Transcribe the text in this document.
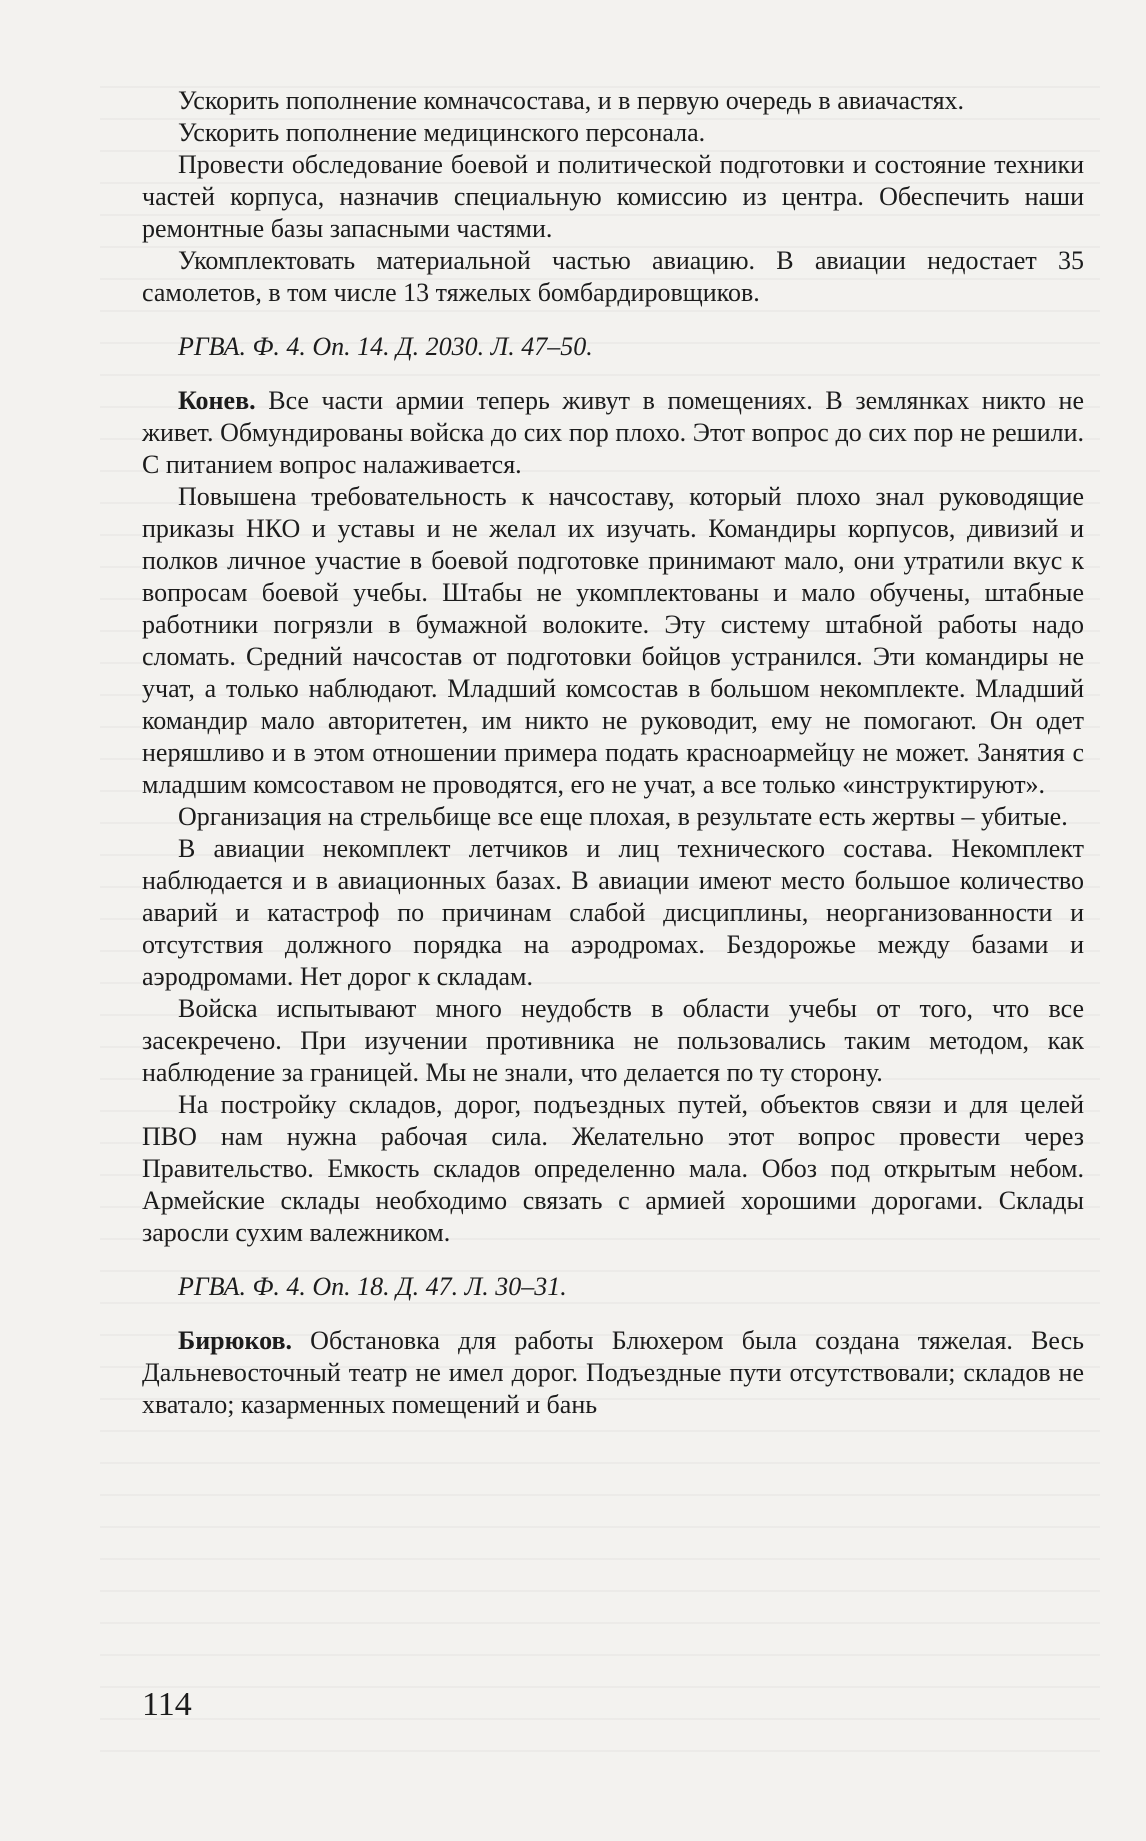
Ускорить пополнение комначсостава, и в первую очередь в авиачастях.

Ускорить пополнение медицинского персонала.

Провести обследование боевой и политической подготовки и состояние техники частей корпуса, назначив специальную комиссию из центра. Обеспечить наши ремонтные базы запасными частями.

Укомплектовать материальной частью авиацию. В авиации недостает 35 самолетов, в том числе 13 тяжелых бомбардировщиков.

РГВА. Ф. 4. Оп. 14. Д. 2030. Л. 47–50.

Конев. Все части армии теперь живут в помещениях. В землянках никто не живет. Обмундированы войска до сих пор плохо. Этот вопрос до сих пор не решили. С питанием вопрос налаживается.

Повышена требовательность к начсоставу, который плохо знал руководящие приказы НКО и уставы и не желал их изучать. Командиры корпусов, дивизий и полков личное участие в боевой подготовке принимают мало, они утратили вкус к вопросам боевой учебы. Штабы не укомплектованы и мало обучены, штабные работники погрязли в бумажной волоките. Эту систему штабной работы надо сломать. Средний начсостав от подготовки бойцов устранился. Эти командиры не учат, а только наблюдают. Младший комсостав в большом некомплекте. Младший командир мало авторитетен, им никто не руководит, ему не помогают. Он одет неряшливо и в этом отношении примера подать красноармейцу не может. Занятия с младшим комсоставом не проводятся, его не учат, а все только «инструктируют».

Организация на стрельбище все еще плохая, в результате есть жертвы – убитые.

В авиации некомплект летчиков и лиц технического состава. Некомплект наблюдается и в авиационных базах. В авиации имеют место большое количество аварий и катастроф по причинам слабой дисциплины, неорганизованности и отсутствия должного порядка на аэродромах. Бездорожье между базами и аэродромами. Нет дорог к складам.

Войска испытывают много неудобств в области учебы от того, что все засекречено. При изучении противника не пользовались таким методом, как наблюдение за границей. Мы не знали, что делается по ту сторону.

На постройку складов, дорог, подъездных путей, объектов связи и для целей ПВО нам нужна рабочая сила. Желательно этот вопрос провести через Правительство. Емкость складов определенно мала. Обоз под открытым небом. Армейские склады необходимо связать с армией хорошими дорогами. Склады заросли сухим валежником.

РГВА. Ф. 4. Оп. 18. Д. 47. Л. 30–31.

Бирюков. Обстановка для работы Блюхером была создана тяжелая. Весь Дальневосточный театр не имел дорог. Подъездные пути отсутствовали; складов не хватало; казарменных помещений и бань

114
